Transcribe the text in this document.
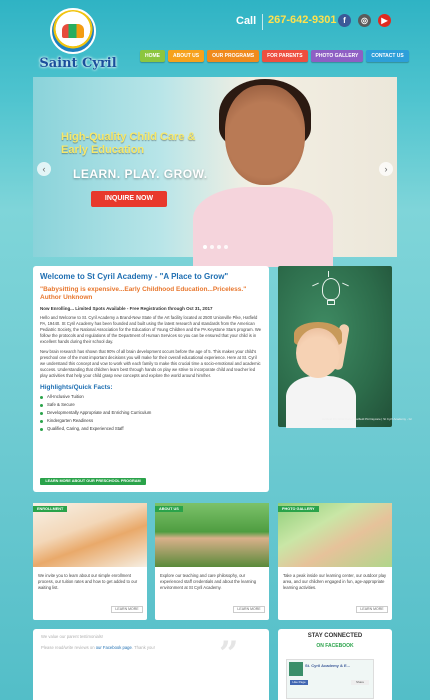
Saint Cyril
Call 267-642-9301 f	◎	▶
HOME	ABOUT US	OUR PROGRAMS	FOR PARENTS	PHOTO GALLERY	CONTACT US
High-Quality Child Care & Early Education
LEARN. PLAY. GROW.
INQUIRE NOW
‹	›
Welcome to St Cyril Academy - "A Place to Grow"
"Babysitting is expensive...Early Childhood Education...Priceless." Author Unknown
Now Enrolling... Limited Spots Available - Free Registration through Oct 31, 2017
Hello and Welcome to St. Cyril Academy a Brand-New State of the Art facility located at 2500 Unionville Pike, Hatfield PA, 19440. St Cyril Academy has been founded and built using the latest research and standards from the American Pediatric Society, the National Association for the Education of Young Children and the PA Keystone Stars program. We follow the protocols and regulations of the Department of Human Services so you can be ensured that your child is in excellent hands during their school day.
New brain research has shown that 90% of all brain development occurs before the age of 5. This makes your child's preschool one of the most important decisions you will make for their overall educational experience. Here at St. Cyril we understand this concept and vow to work with each family to make this crucial time a socio-emotional and academic success. Understanding that children learn best through hands on play we strive to incorporate child and teacher led play activities that help your child grasp new concepts and explore the world around him/her.
Highlights/Quick Facts:
All-Inclusive Tuition
Safe & Secure
Developmentally Appropriate and Enriching Curriculum
Kindergarten Readiness
Qualified, Caring, and Experienced Staff
LEARN MORE ABOUT OUR PRESCHOOL PROGRAM
Hatfield PA Child Care | Hatfield PA Daycare | St Cyril Academy - Gr
ENROLLMENT
We invite you to learn about our simple enrollment process, our tuition rates and how to get added to our waiting list.
LEARN MORE
ABOUT US
Explore our teaching and care philosophy, our experienced staff credentials and about the learning environment at St Cyril Academy.
LEARN MORE
PHOTO GALLERY
Take a peak inside our learning center, our outdoor play area, and our children engaged in fun, age-appropriate learning activities.
LEARN MORE
We value our parent testimonials!
Please read/write reviews on our Facebook page. Thank you!	”	STAY CONNECTED
ON FACEBOOK
St. Cyril Academy & E...
Like Page	Share
